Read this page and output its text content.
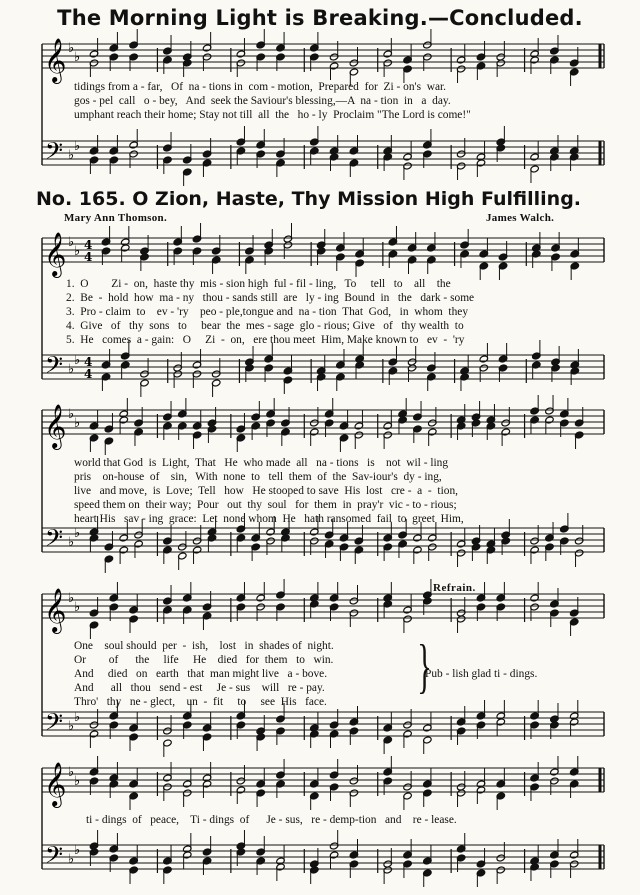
The Morning Light is Breaking.—Concluded.
No. 165. O Zion, Haste, Thy Mission High Fulfilling.
Mary Ann Thomson.	James Walch.
Refrain.
tidings from a - far,   Of  na - tions in  com - motion,  Prepared  for  Zi - on's  war.
gos - pel  call   o - bey,   And  seek the Saviour's blessing,—A  na - tion  in   a  day.
umphant reach their home; Stay not till  all  the   ho - ly  Proclaim "The Lord is come!"
1.  O        Zi -  on,  haste thy  mis - sion high  ful - fil - ling,   To     tell   to    all    the
2.  Be  -  hold  how  ma - ny   thou - sands still  are   ly - ing  Bound  in   the   dark - some
3.  Pro - claim  to    ev - 'ry    peo - ple,tongue and  na - tion  That  God,   in  whom  they
4.  Give   of   thy  sons   to     bear  the  mes - sage  glo - rious; Give   of   thy wealth  to
5.  He   comes  a - gain:   O     Zi  -  on,   ere thou meet  Him, Make known to   ev  -  'ry
world that God  is  Light,  That   He  who made  all   na - tions   is    not  wil - ling
pris    on-house  of    sin,   With  none  to   tell  them  of  the  Sav-iour's  dy - ing,
live   and move,  is  Love;  Tell   how   He stooped to save  His  lost   cre -  a  -  tion,
speed them on  their way;  Pour   out  thy  soul   for  them  in  pray'r  vic - to - rious;
heart His   sav - ing  grace:  Let  none whom  He   hath ransomed  fail  to  greet  Him,
One    soul should  per  -  ish,    lost   in  shades of  night.
Or        of      the     life     He    died   for  them   to   win.
And     died   on   earth   that  man might live   a - bove.
And      all   thou   send - est     Je - sus    will   re - pay.
Thro'   thy   ne - glect,    un  -  fit     to     see  His   face.
}
Pub - lish glad ti - dings.
ti - dings  of   peace,    Ti - dings  of      Je - sus,   re - demp-tion   and    re - lease.
𝄞
𝄢
♭
♭
♭
♭
𝄞
𝄢
♭
♭
♭
♭
4
4
4
4
𝄞
𝄢
♭
♭
♭
♭
𝄞
𝄢
♭
♭
♭
♭
𝄞
𝄢
♭
♭
♭
♭
